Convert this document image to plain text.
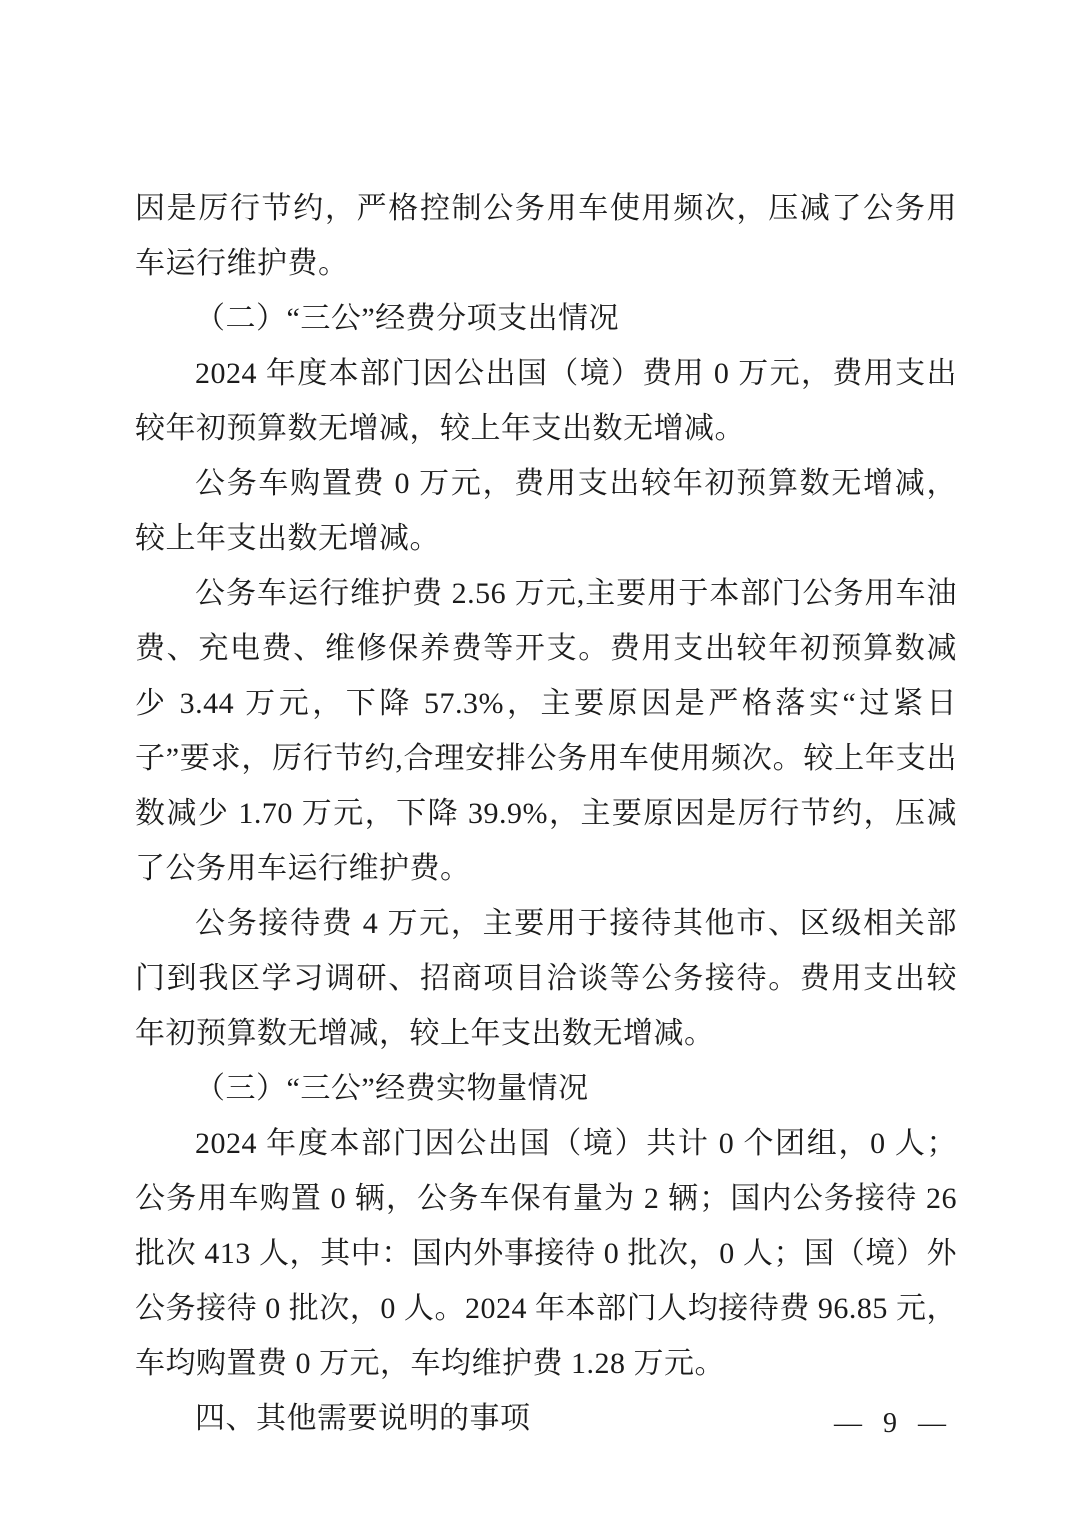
因是厉行节约，严格控制公务用车使用频次，压减了公务用车运行维护费。

（二）“三公”经费分项支出情况

2024 年度本部门因公出国（境）费用 0 万元，费用支出较年初预算数无增减，较上年支出数无增减。

公务车购置费 0 万元，费用支出较年初预算数无增减，较上年支出数无增减。

公务车运行维护费 2.56 万元,主要用于本部门公务用车油费、充电费、维修保养费等开支。费用支出较年初预算数减少 3.44 万元，下降 57.3%，主要原因是严格落实“过紧日子”要求，厉行节约,合理安排公务用车使用频次。较上年支出数减少 1.70 万元，下降 39.9%，主要原因是厉行节约，压减了公务用车运行维护费。

公务接待费 4 万元，主要用于接待其他市、区级相关部门到我区学习调研、招商项目洽谈等公务接待。费用支出较年初预算数无增减，较上年支出数无增减。

（三）“三公”经费实物量情况

2024 年度本部门因公出国（境）共计 0 个团组，0 人；公务用车购置 0 辆，公务车保有量为 2 辆；国内公务接待 26 批次 413 人，其中：国内外事接待 0 批次，0 人；国（境）外公务接待 0 批次，0 人。2024 年本部门人均接待费 96.85 元，车均购置费 0 万元，车均维护费 1.28 万元。

四、其他需要说明的事项	— 9 —
